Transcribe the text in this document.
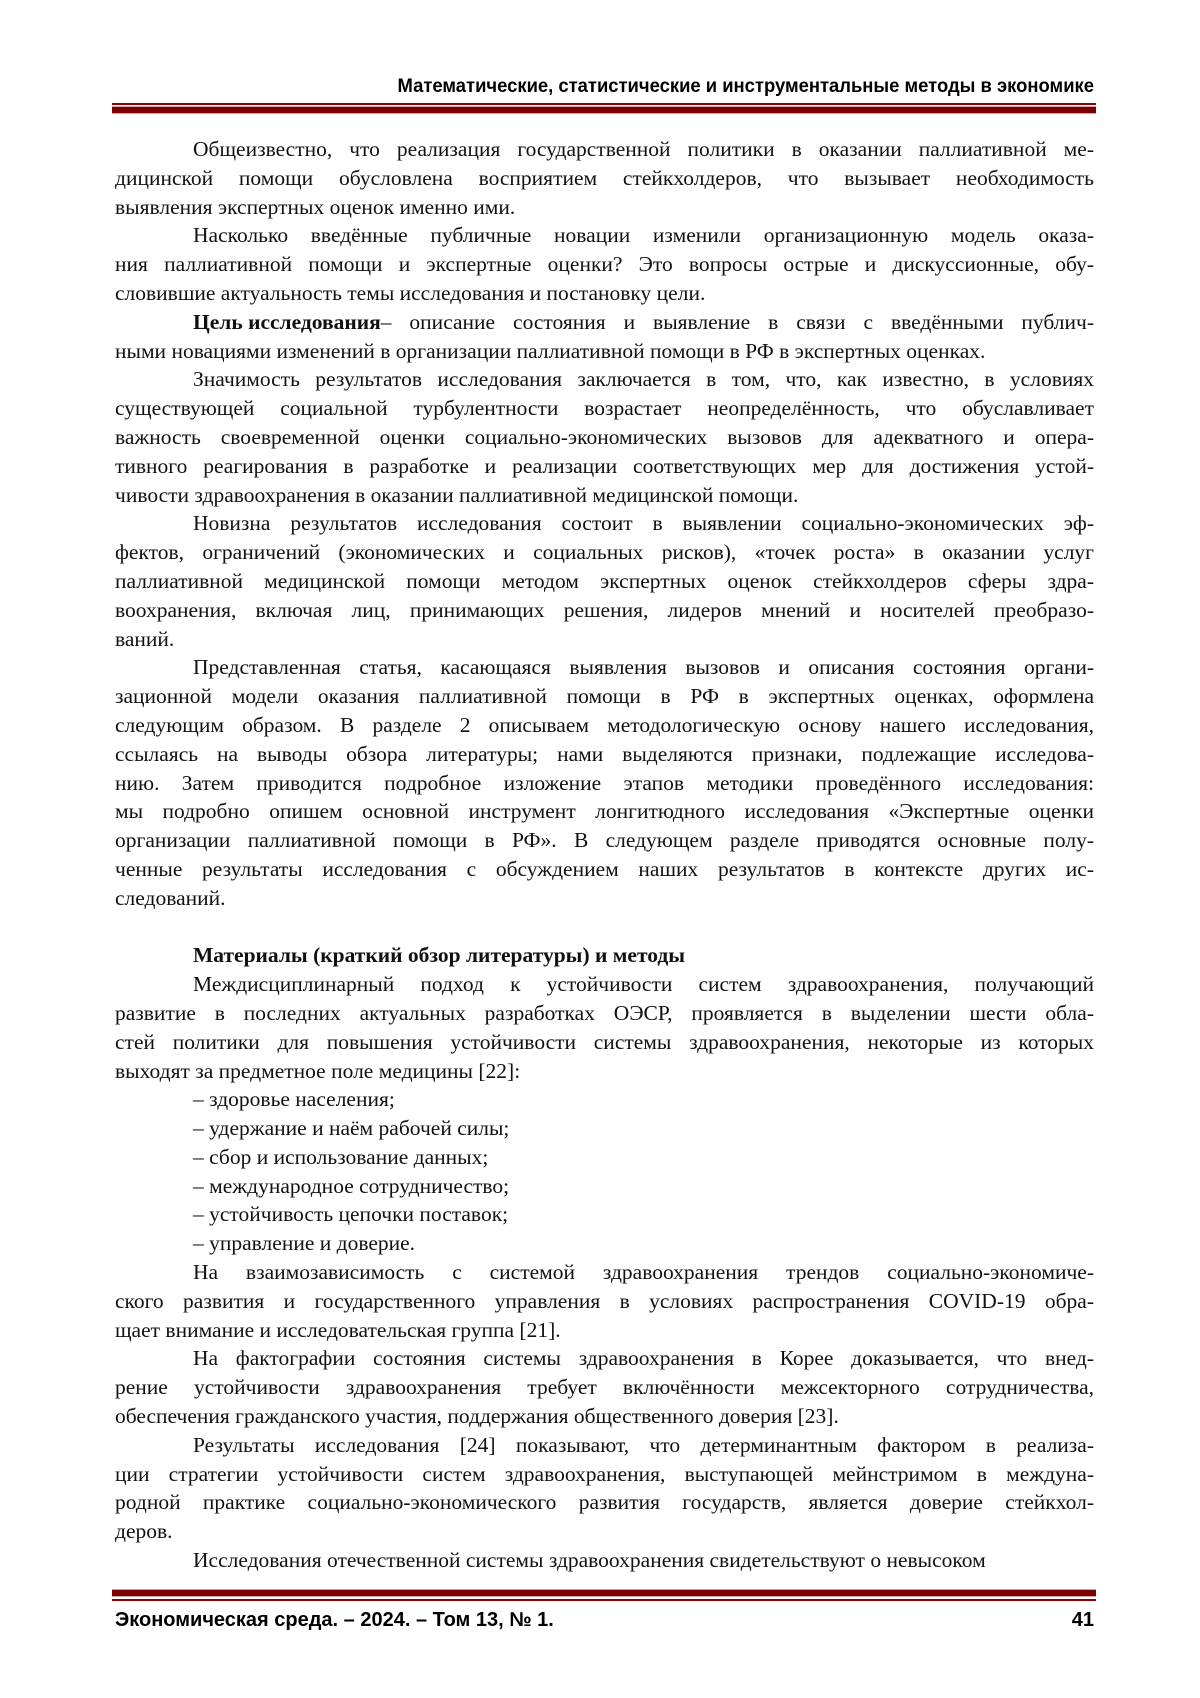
Математические, статистические и инструментальные методы в экономике
Общеизвестно, что реализация государственной политики в оказании паллиативной ме-
дицинской помощи обусловлена восприятием стейкхолдеров, что вызывает необходимость
выявления экспертных оценок именно ими.
Насколько введённые публичные новации изменили организационную модель оказа-
ния паллиативной помощи и экспертные оценки? Это вопросы острые и дискуссионные, обу-
словившие актуальность темы исследования и постановку цели.
Цель исследования – описание состояния и выявление в связи с введёнными публич-
ными новациями изменений в организации паллиативной помощи в РФ в экспертных оценках.
Значимость результатов исследования заключается в том, что, как известно, в условиях
существующей социальной турбулентности возрастает неопределённость, что обуславливает
важность своевременной оценки социально-экономических вызовов для адекватного и опера-
тивного реагирования в разработке и реализации соответствующих мер для достижения устой-
чивости здравоохранения в оказании паллиативной медицинской помощи.
Новизна результатов исследования состоит в выявлении социально-экономических эф-
фектов, ограничений (экономических и социальных рисков), «точек роста» в оказании услуг
паллиативной медицинской помощи методом экспертных оценок стейкхолдеров сферы здра-
воохранения, включая лиц, принимающих решения, лидеров мнений и носителей преобразо-
ваний.
Представленная статья, касающаяся выявления вызовов и описания состояния органи-
зационной модели оказания паллиативной помощи в РФ в экспертных оценках, оформлена
следующим образом. В разделе 2 описываем методологическую основу нашего исследования,
ссылаясь на выводы обзора литературы; нами выделяются признаки, подлежащие исследова-
нию. Затем приводится подробное изложение этапов методики проведённого исследования:
мы подробно опишем основной инструмент лонгитюдного исследования «Экспертные оценки
организации паллиативной помощи в РФ». В следующем разделе приводятся основные полу-
ченные результаты исследования с обсуждением наших результатов в контексте других ис-
следований.
Материалы (краткий обзор литературы) и методы
Междисциплинарный подход к устойчивости систем здравоохранения, получающий
развитие в последних актуальных разработках ОЭСР, проявляется в выделении шести обла-
стей политики для повышения устойчивости системы здравоохранения, некоторые из которых
выходят за предметное поле медицины [22]:
– здоровье населения;
– удержание и наём рабочей силы;
– сбор и использование данных;
– международное сотрудничество;
– устойчивость цепочки поставок;
– управление и доверие.
На взаимозависимость с системой здравоохранения трендов социально-экономиче-
ского развития и государственного управления в условиях распространения COVID-19 обра-
щает внимание и исследовательская группа [21].
На фактографии состояния системы здравоохранения в Корее доказывается, что внед-
рение устойчивости здравоохранения требует включённости межсекторного сотрудничества,
обеспечения гражданского участия, поддержания общественного доверия [23].
Результаты исследования [24] показывают, что детерминантным фактором в реализа-
ции стратегии устойчивости систем здравоохранения, выступающей мейнстримом в междуна-
родной практике социально-экономического развития государств, является доверие стейкхол-
деров.
Исследования отечественной системы здравоохранения свидетельствуют о невысоком
Экономическая среда. – 2024. – Том 13, № 1.	41
